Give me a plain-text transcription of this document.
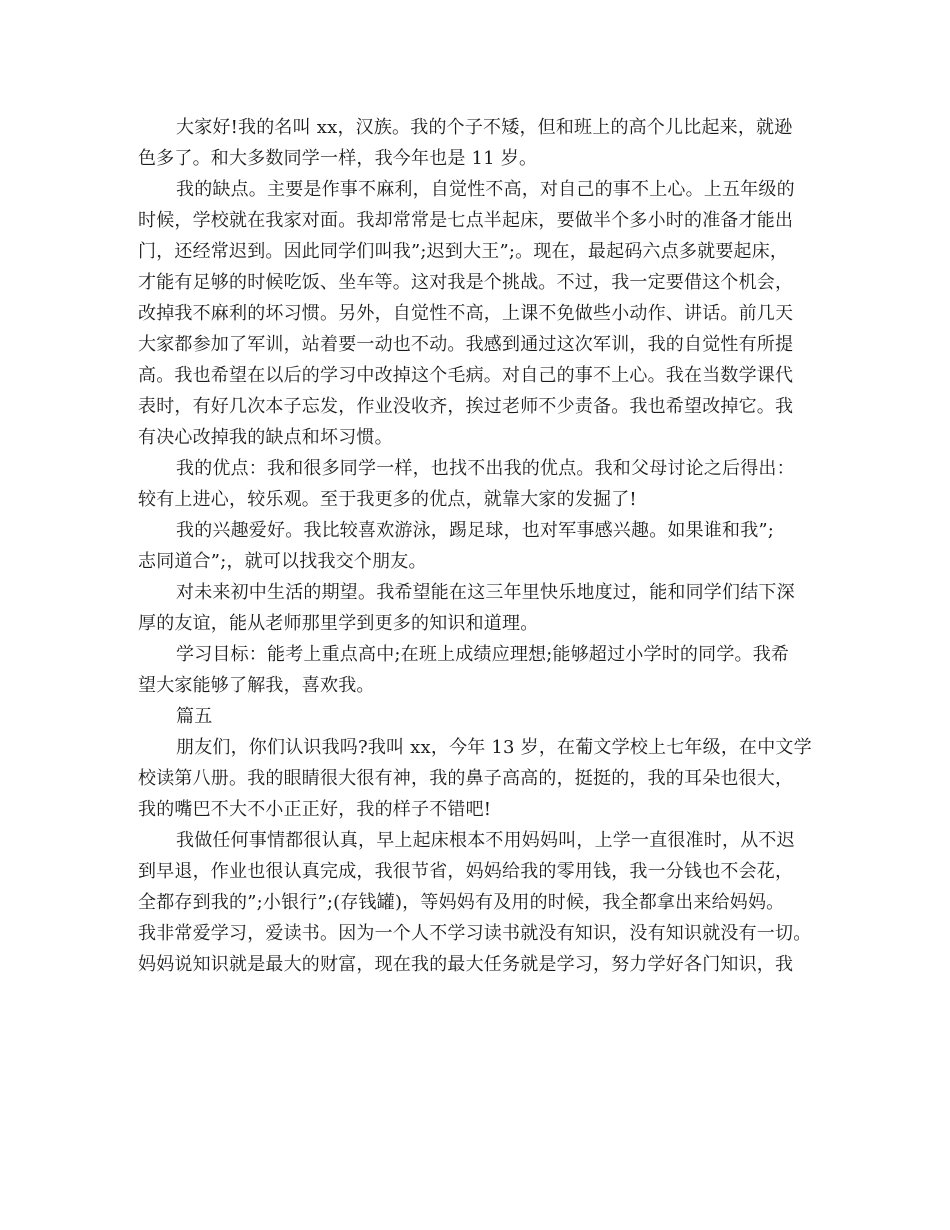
大家好!我的名叫 xx，汉族。我的个子不矮，但和班上的高个儿比起来，就逊
色多了。和大多数同学一样，我今年也是 11 岁。
我的缺点。主要是作事不麻利，自觉性不高，对自己的事不上心。上五年级的
时候，学校就在我家对面。我却常常是七点半起床，要做半个多小时的准备才能出
门，还经常迟到。因此同学们叫我”;迟到大王”;。现在，最起码六点多就要起床，
才能有足够的时候吃饭、坐车等。这对我是个挑战。不过，我一定要借这个机会，
改掉我不麻利的坏习惯。另外，自觉性不高，上课不免做些小动作、讲话。前几天
大家都参加了军训，站着要一动也不动。我感到通过这次军训，我的自觉性有所提
高。我也希望在以后的学习中改掉这个毛病。对自己的事不上心。我在当数学课代
表时，有好几次本子忘发，作业没收齐，挨过老师不少责备。我也希望改掉它。我
有决心改掉我的缺点和坏习惯。
我的优点：我和很多同学一样，也找不出我的优点。我和父母讨论之后得出：
较有上进心，较乐观。至于我更多的优点，就靠大家的发掘了!
我的兴趣爱好。我比较喜欢游泳，踢足球，也对军事感兴趣。如果谁和我”;
志同道合”;，就可以找我交个朋友。
对未来初中生活的期望。我希望能在这三年里快乐地度过，能和同学们结下深
厚的友谊，能从老师那里学到更多的知识和道理。
学习目标：能考上重点高中;在班上成绩应理想;能够超过小学时的同学。我希
望大家能够了解我，喜欢我。
篇五
朋友们，你们认识我吗?我叫 xx，今年 13 岁，在葡文学校上七年级，在中文学
校读第八册。我的眼睛很大很有神，我的鼻子高高的，挺挺的，我的耳朵也很大，
我的嘴巴不大不小正正好，我的样子不错吧!
我做任何事情都很认真，早上起床根本不用妈妈叫，上学一直很准时，从不迟
到早退，作业也很认真完成，我很节省，妈妈给我的零用钱，我一分钱也不会花，
全都存到我的”;小银行”;(存钱罐)，等妈妈有及用的时候，我全都拿出来给妈妈。
我非常爱学习，爱读书。因为一个人不学习读书就没有知识，没有知识就没有一切。
妈妈说知识就是最大的财富，现在我的最大任务就是学习，努力学好各门知识，我
